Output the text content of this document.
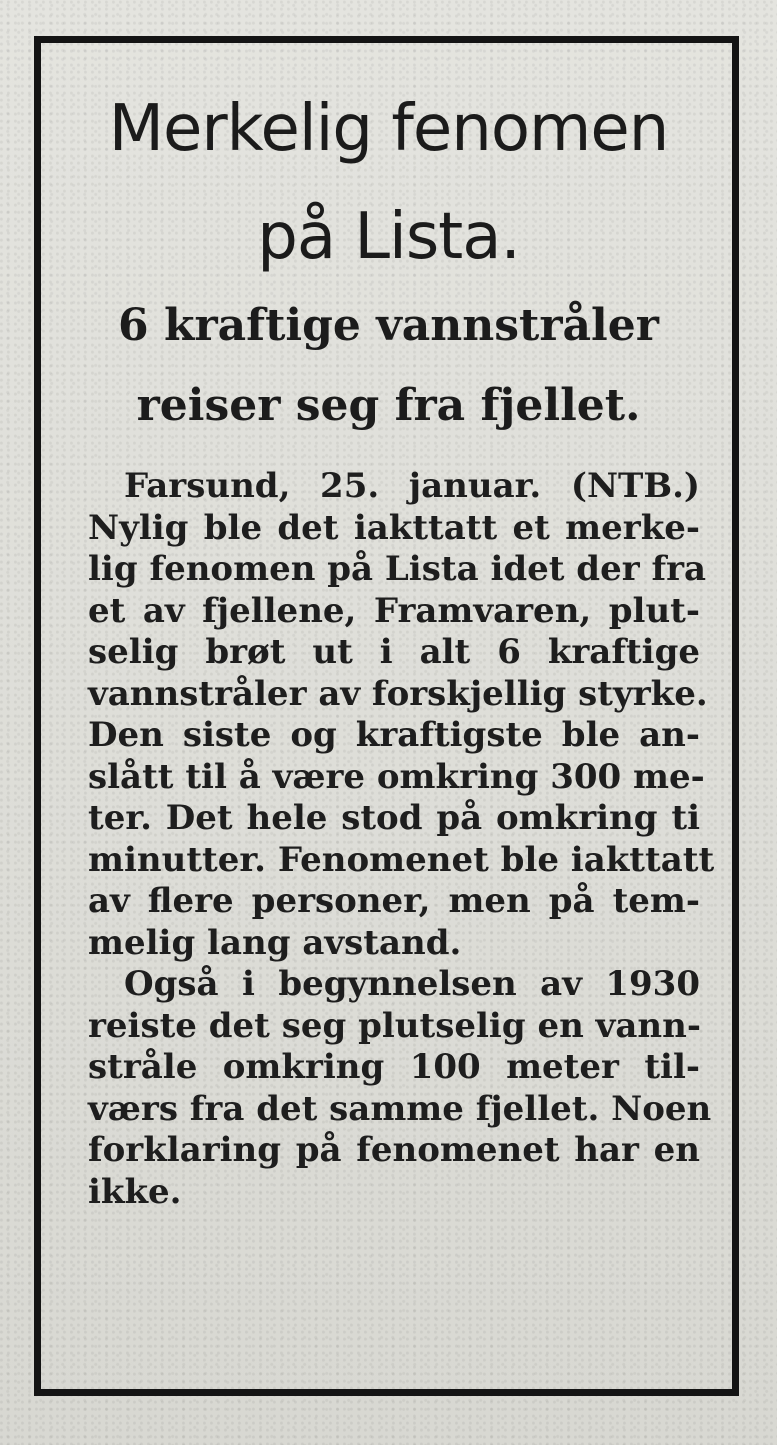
Merkelig fenomen
på Lista.
6 kraftige vannstråler
reiser seg fra fjellet.
Farsund, 25. januar. (NTB.)
Nylig ble det iakttatt et merke-
lig fenomen på Lista idet der fra
et av fjellene, Framvaren, plut-
selig brøt ut i alt 6 kraftige
vannstråler av forskjellig styrke.
Den siste og kraftigste ble an-
slått til å være omkring 300 me-
ter. Det hele stod på omkring ti
minutter. Fenomenet ble iakttatt
av flere personer, men på tem-
melig lang avstand.
Også i begynnelsen av 1930
reiste det seg plutselig en vann-
stråle omkring 100 meter til-
værs fra det samme fjellet. Noen
forklaring på fenomenet har en
ikke.
